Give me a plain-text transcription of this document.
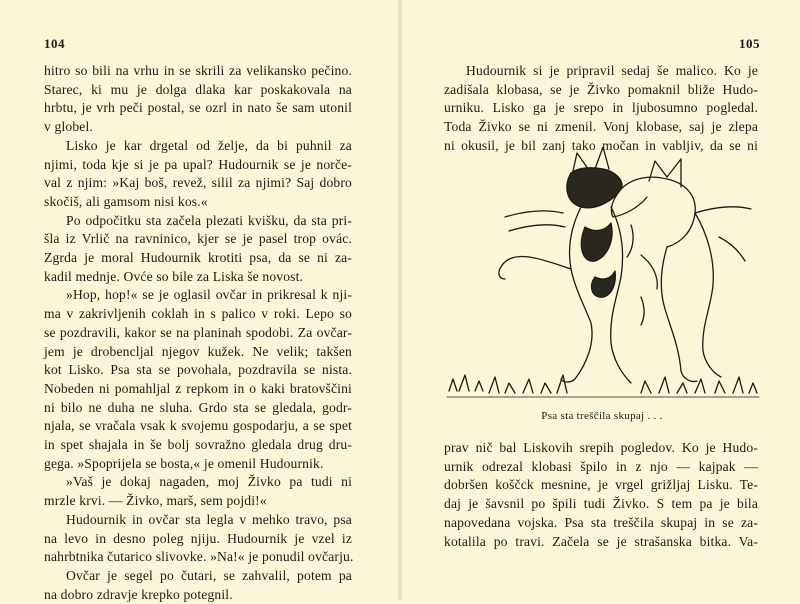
104
hitro so bili na vrhu in se skrili za velikansko pečino.
Starec, ki mu je dolga dlaka kar poskakovala na
hrbtu, je vrh peči postal, se ozrl in nato še sam utonil
v globel.
Lisko je kar drgetal od želje, da bi puhnil za
njimi, toda kje si je pa upal? Hudournik se je norče-
val z njim: »Kaj boš, revež, silil za njimi? Saj dobro
skočiš, ali gamsom nisi kos.«
Po odpočitku sta začela plezati kvišku, da sta pri-
šla iz Vrlič na ravninico, kjer se je pasel trop ovác.
Zgrda je moral Hudournik krotiti psa, da se ni za-
kadil mednje. Ovće so bile za Liska še novost.
»Hop, hop!« se je oglasil ovčar in prikresal k nji-
ma v zakrivljenih coklah in s palico v roki. Lepo so
se pozdravili, kakor se na planinah spodobi. Za ovčar-
jem je drobencljal njegov kužek. Ne velik; takšen
kot Lisko. Psa sta se povohala, pozdravila se nista.
Nobeden ni pomahljal z repkom in o kaki bratovščini
ni bilo ne duha ne sluha. Grdo sta se gledala, godr-
njala, se vračala vsak k svojemu gospodarju, a se spet
in spet shajala in še bolj sovražno gledala drug dru-
gega. »Spoprijela se bosta,« je omenil Hudournik.
»Vaš je dokaj nagaden, moj Živko pa tudi ni
mrzle krvi. — Živko, marš, sem pojdi!«
Hudournik in ovčar sta legla v mehko travo, psa
na levo in desno poleg njiju. Hudournik je vzel iz
nahrbtnika čutarico slivovke. »Na!« je ponudil ovčarju.
Ovčar je segel po čutari, se zahvalil, potem pa
na dobro zdravje krepko potegnil.
105
Hudournik si je pripravil sedaj še malico. Ko je
zadišala klobasa, se je Živko pomaknil bliže Hudo-
urniku. Lisko ga je srepo in ljubosumno pogledal.
Toda Živko se ni zmenil. Vonj klobase, saj je zlepa
ni okusil, je bil zanj tako močan in vabljiv, da se ni
Psa sta treščila skupaj . . .
prav nič bal Liskovih srepih pogledov. Ko je Hudo-
urnik odrezal klobasi špilo in z njo — kajpak —
dobršen koščck mesnine, je vrgel grižljaj Lisku. Te-
daj je šavsnil po špili tudi Živko. S tem pa je bila
napovedana vojska. Psa sta treščila skupaj in se za-
kotalila po travi. Začela se je strašanska bitka. Va-
